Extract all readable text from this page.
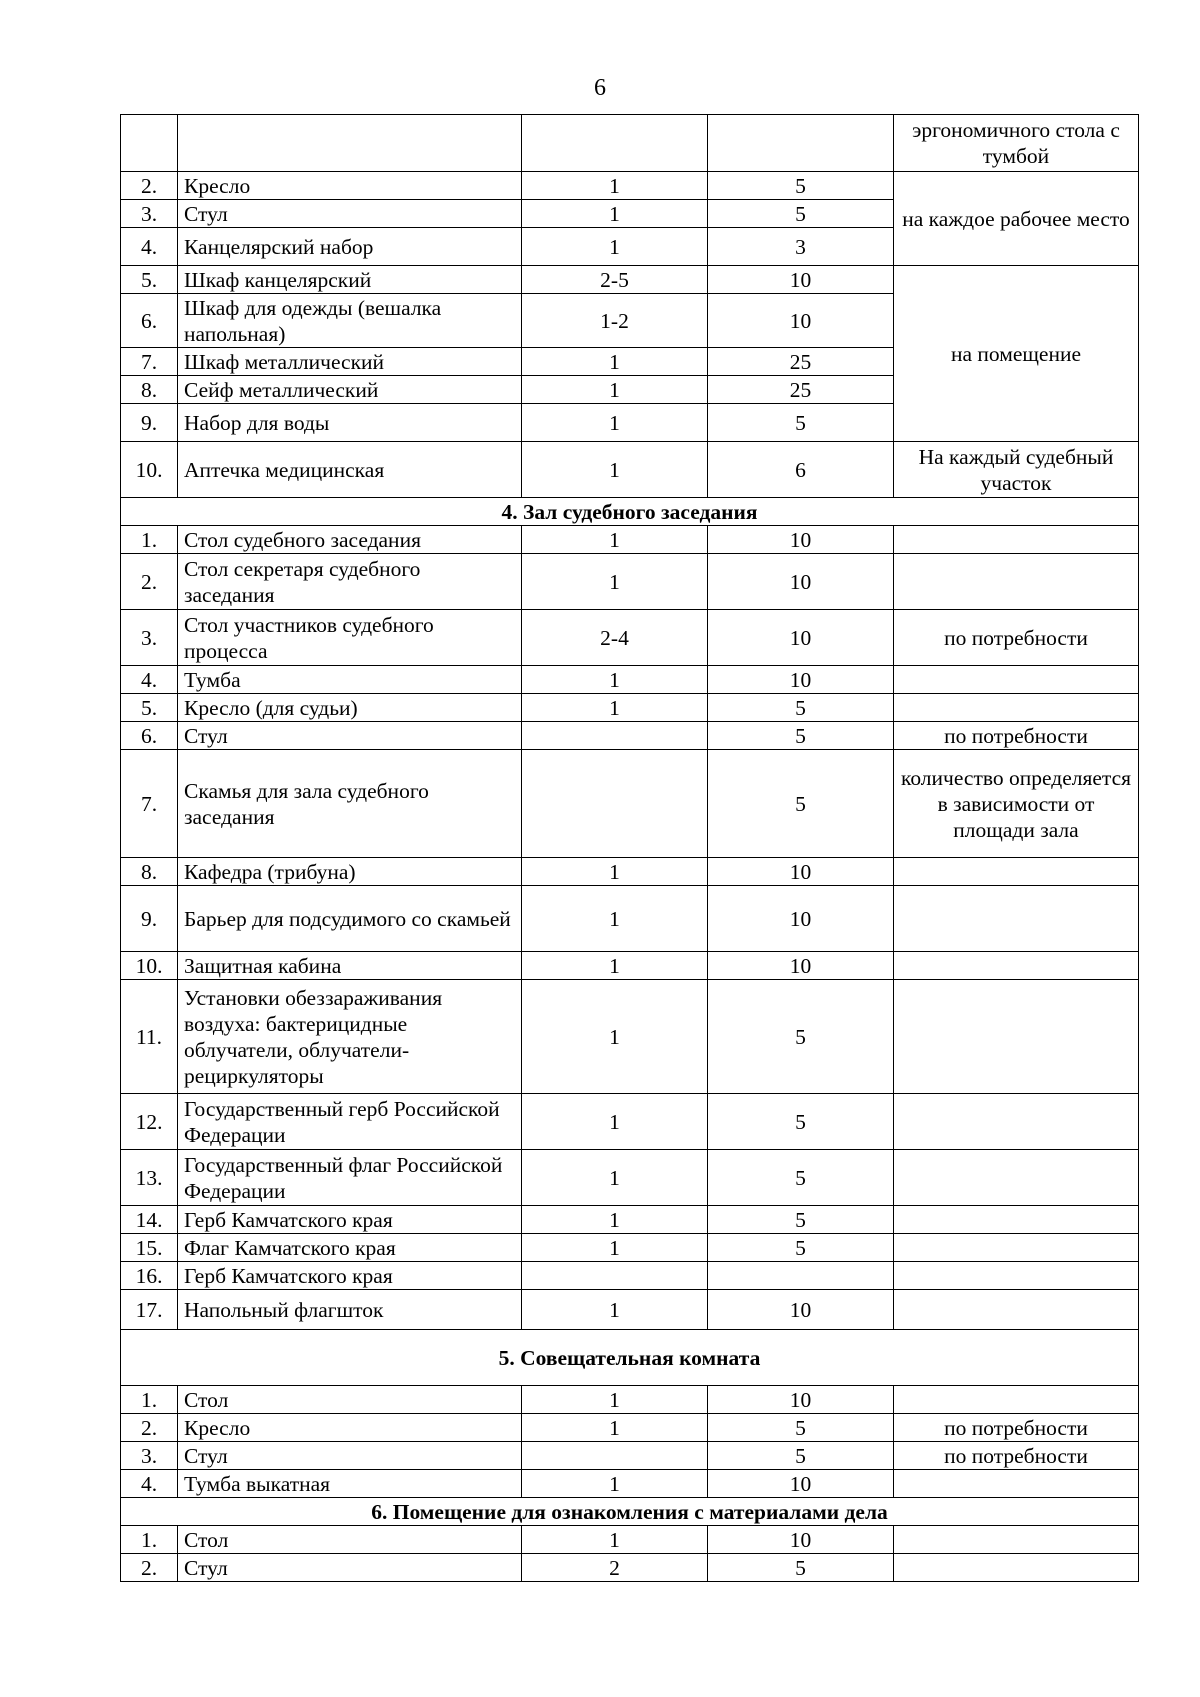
6
				эргономичного стола с тумбой
2.	Кресло	1	5	на каждое рабочее место
3.	Стул	1	5	
4.	Канцелярский набор	1	3	
5.	Шкаф канцелярский	2-5	10	на помещение
6.	Шкаф для одежды (вешалка напольная)	1-2	10	
7.	Шкаф металлический	1	25	
8.	Сейф металлический	1	25	
9.	Набор для воды	1	5	
10.	Аптечка медицинская	1	6	На каждый судебный участок
4. Зал судебного заседания				
1.	Стол судебного заседания	1	10	
2.	Стол секретаря судебного заседания	1	10	
3.	Стол участников судебного процесса	2-4	10	по потребности
4.	Тумба	1	10	
5.	Кресло (для судьи)	1	5	
6.	Стул		5	по потребности
7.	Скамья для зала судебного заседания		5	количество определяется в зависимости от площади зала
8.	Кафедра (трибуна)	1	10	
9.	Барьер для подсудимого со скамьей	1	10	
10.	Защитная кабина	1	10	
11.	Установки обеззараживания воздуха: бактерицидные облучатели, облучатели-рециркуляторы	1	5	
12.	Государственный герб Российской Федерации	1	5	
13.	Государственный флаг Российской Федерации	1	5	
14.	Герб Камчатского края	1	5	
15.	Флаг Камчатского края	1	5	
16.	Герб Камчатского края			
17.	Напольный флагшток	1	10	
5. Совещательная комната				
1.	Стол	1	10	
2.	Кресло	1	5	по потребности
3.	Стул		5	по потребности
4.	Тумба выкатная	1	10	
6. Помещение для ознакомления с материалами дела				
1.	Стол	1	10	
2.	Стул	2	5	
